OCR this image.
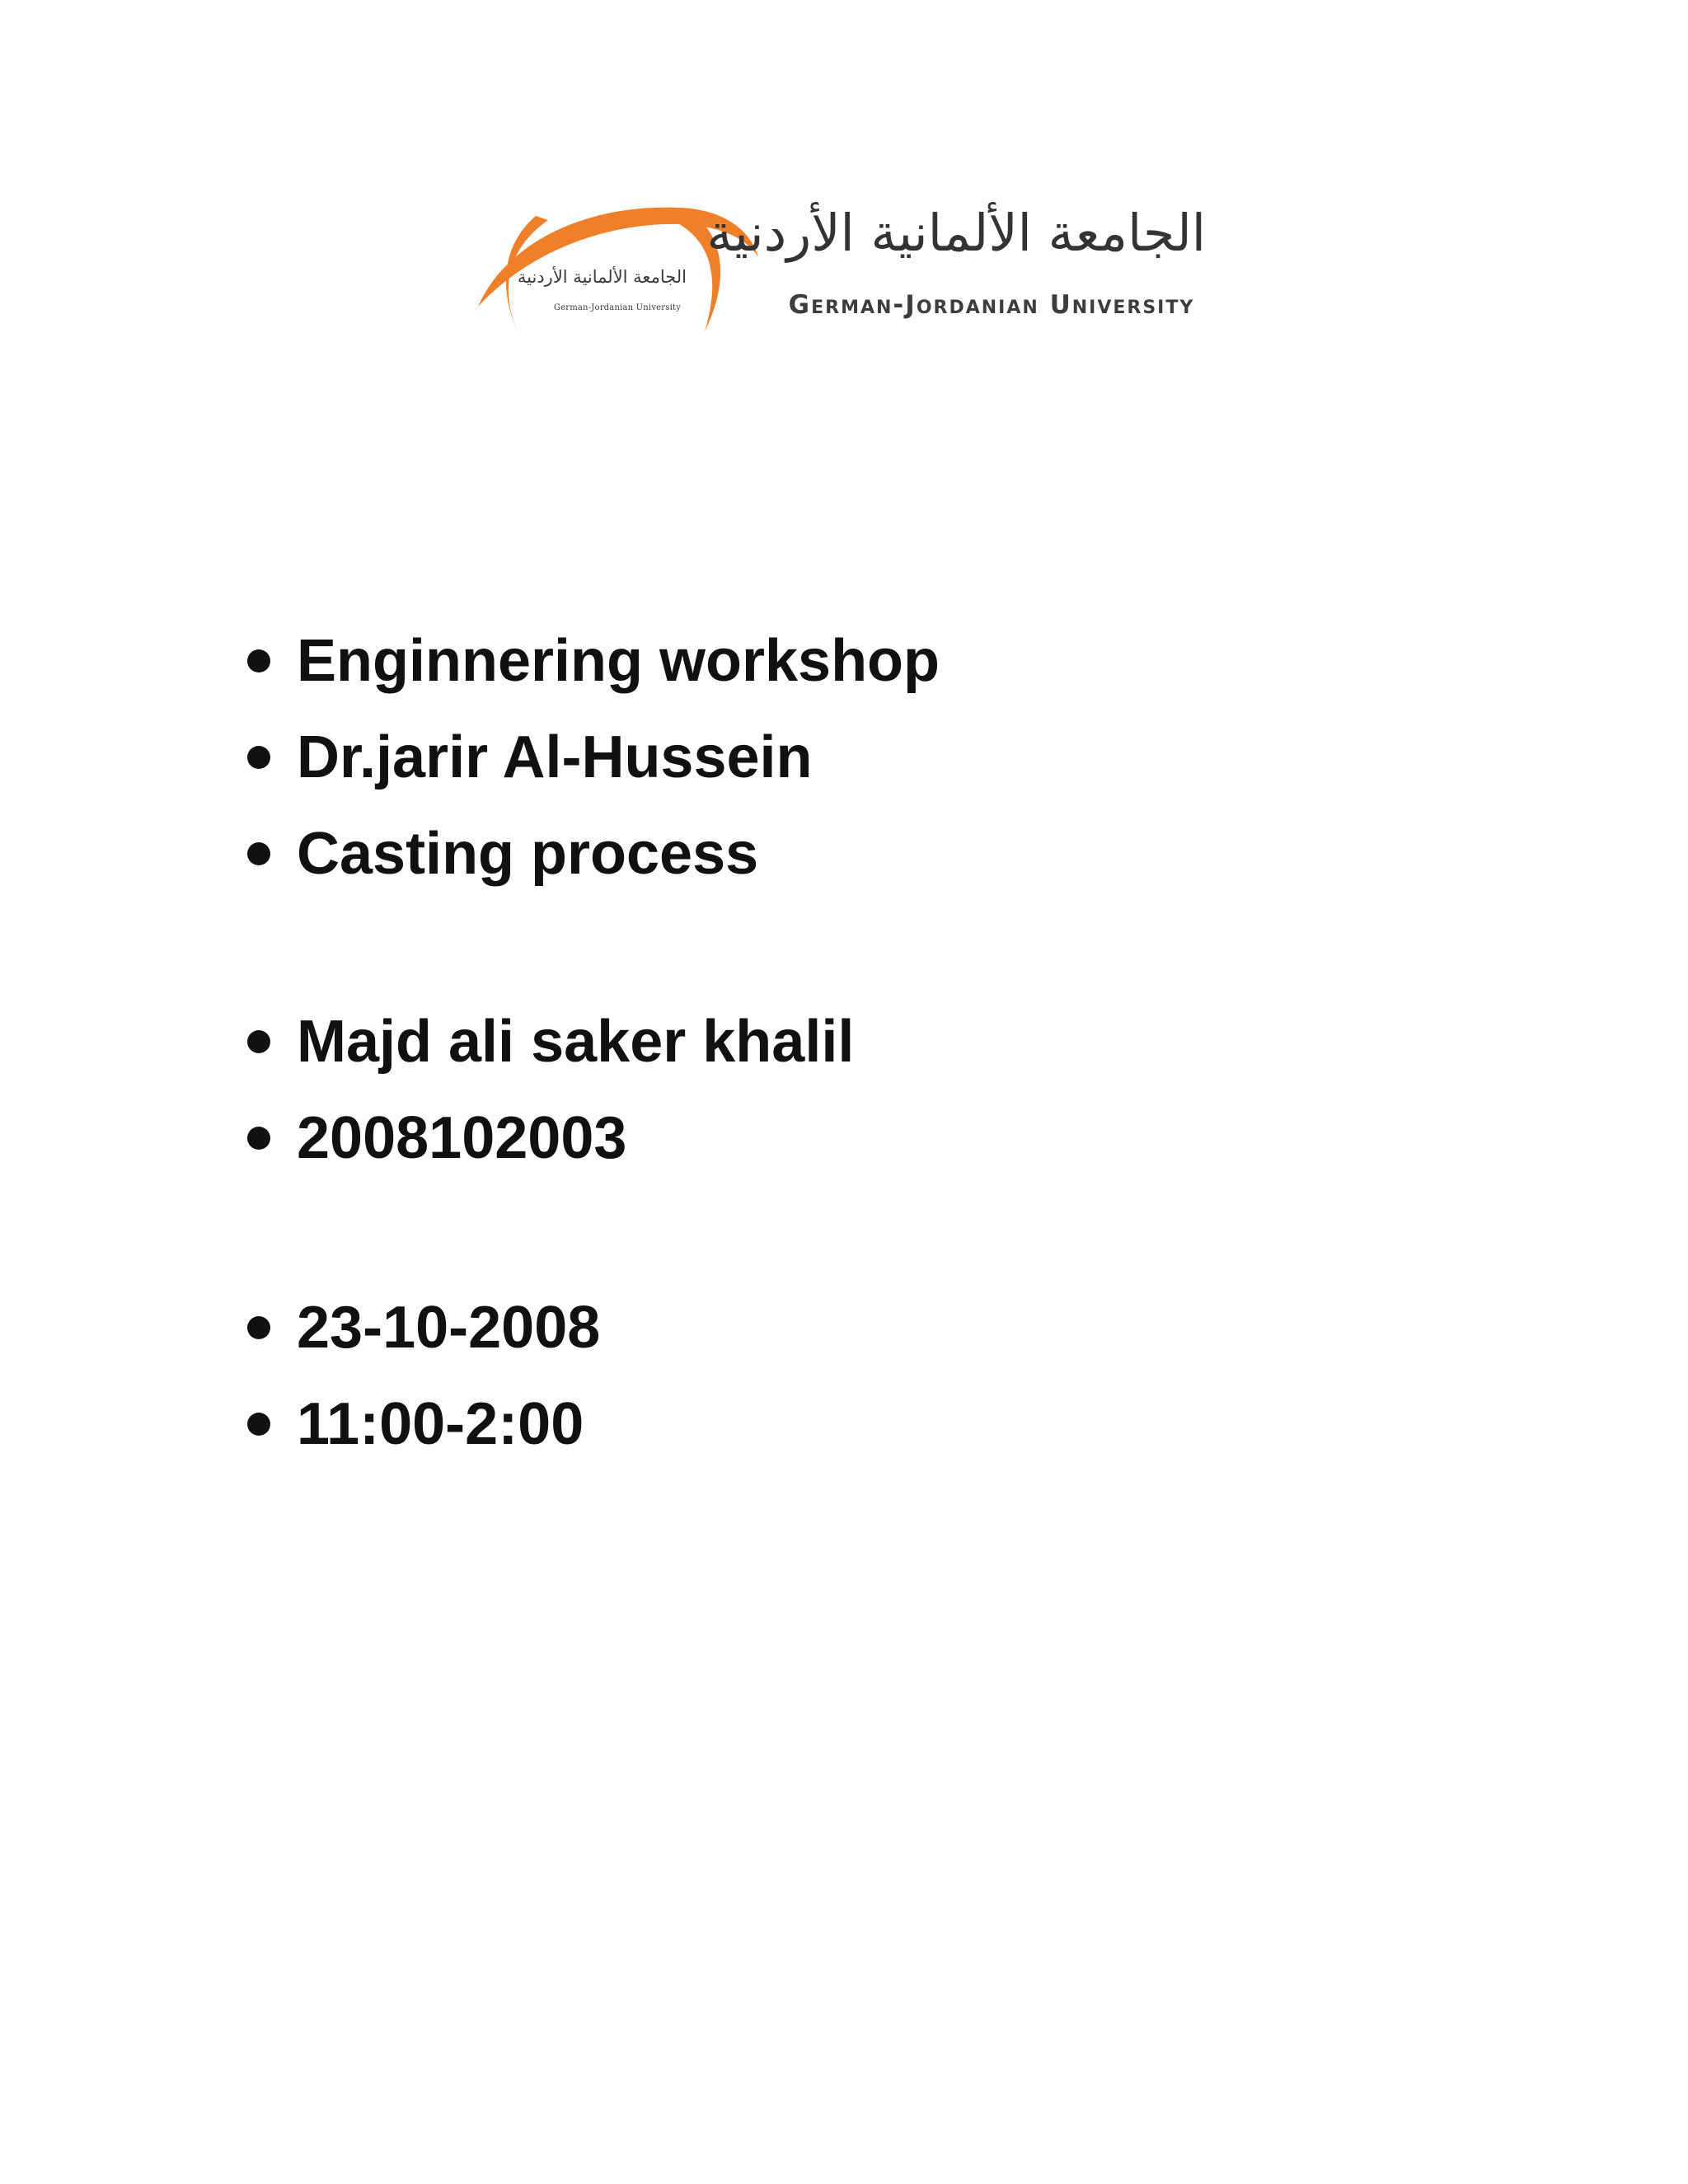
الجامعة الألمانية الأردنية
German-Jordanian University
الجامعة الألمانية الأردنية
German-Jordanian University
Enginnering workshop
Dr.jarir Al-Hussein
Casting process
Majd ali saker khalil
2008102003
23-10-2008
11:00-2:00
